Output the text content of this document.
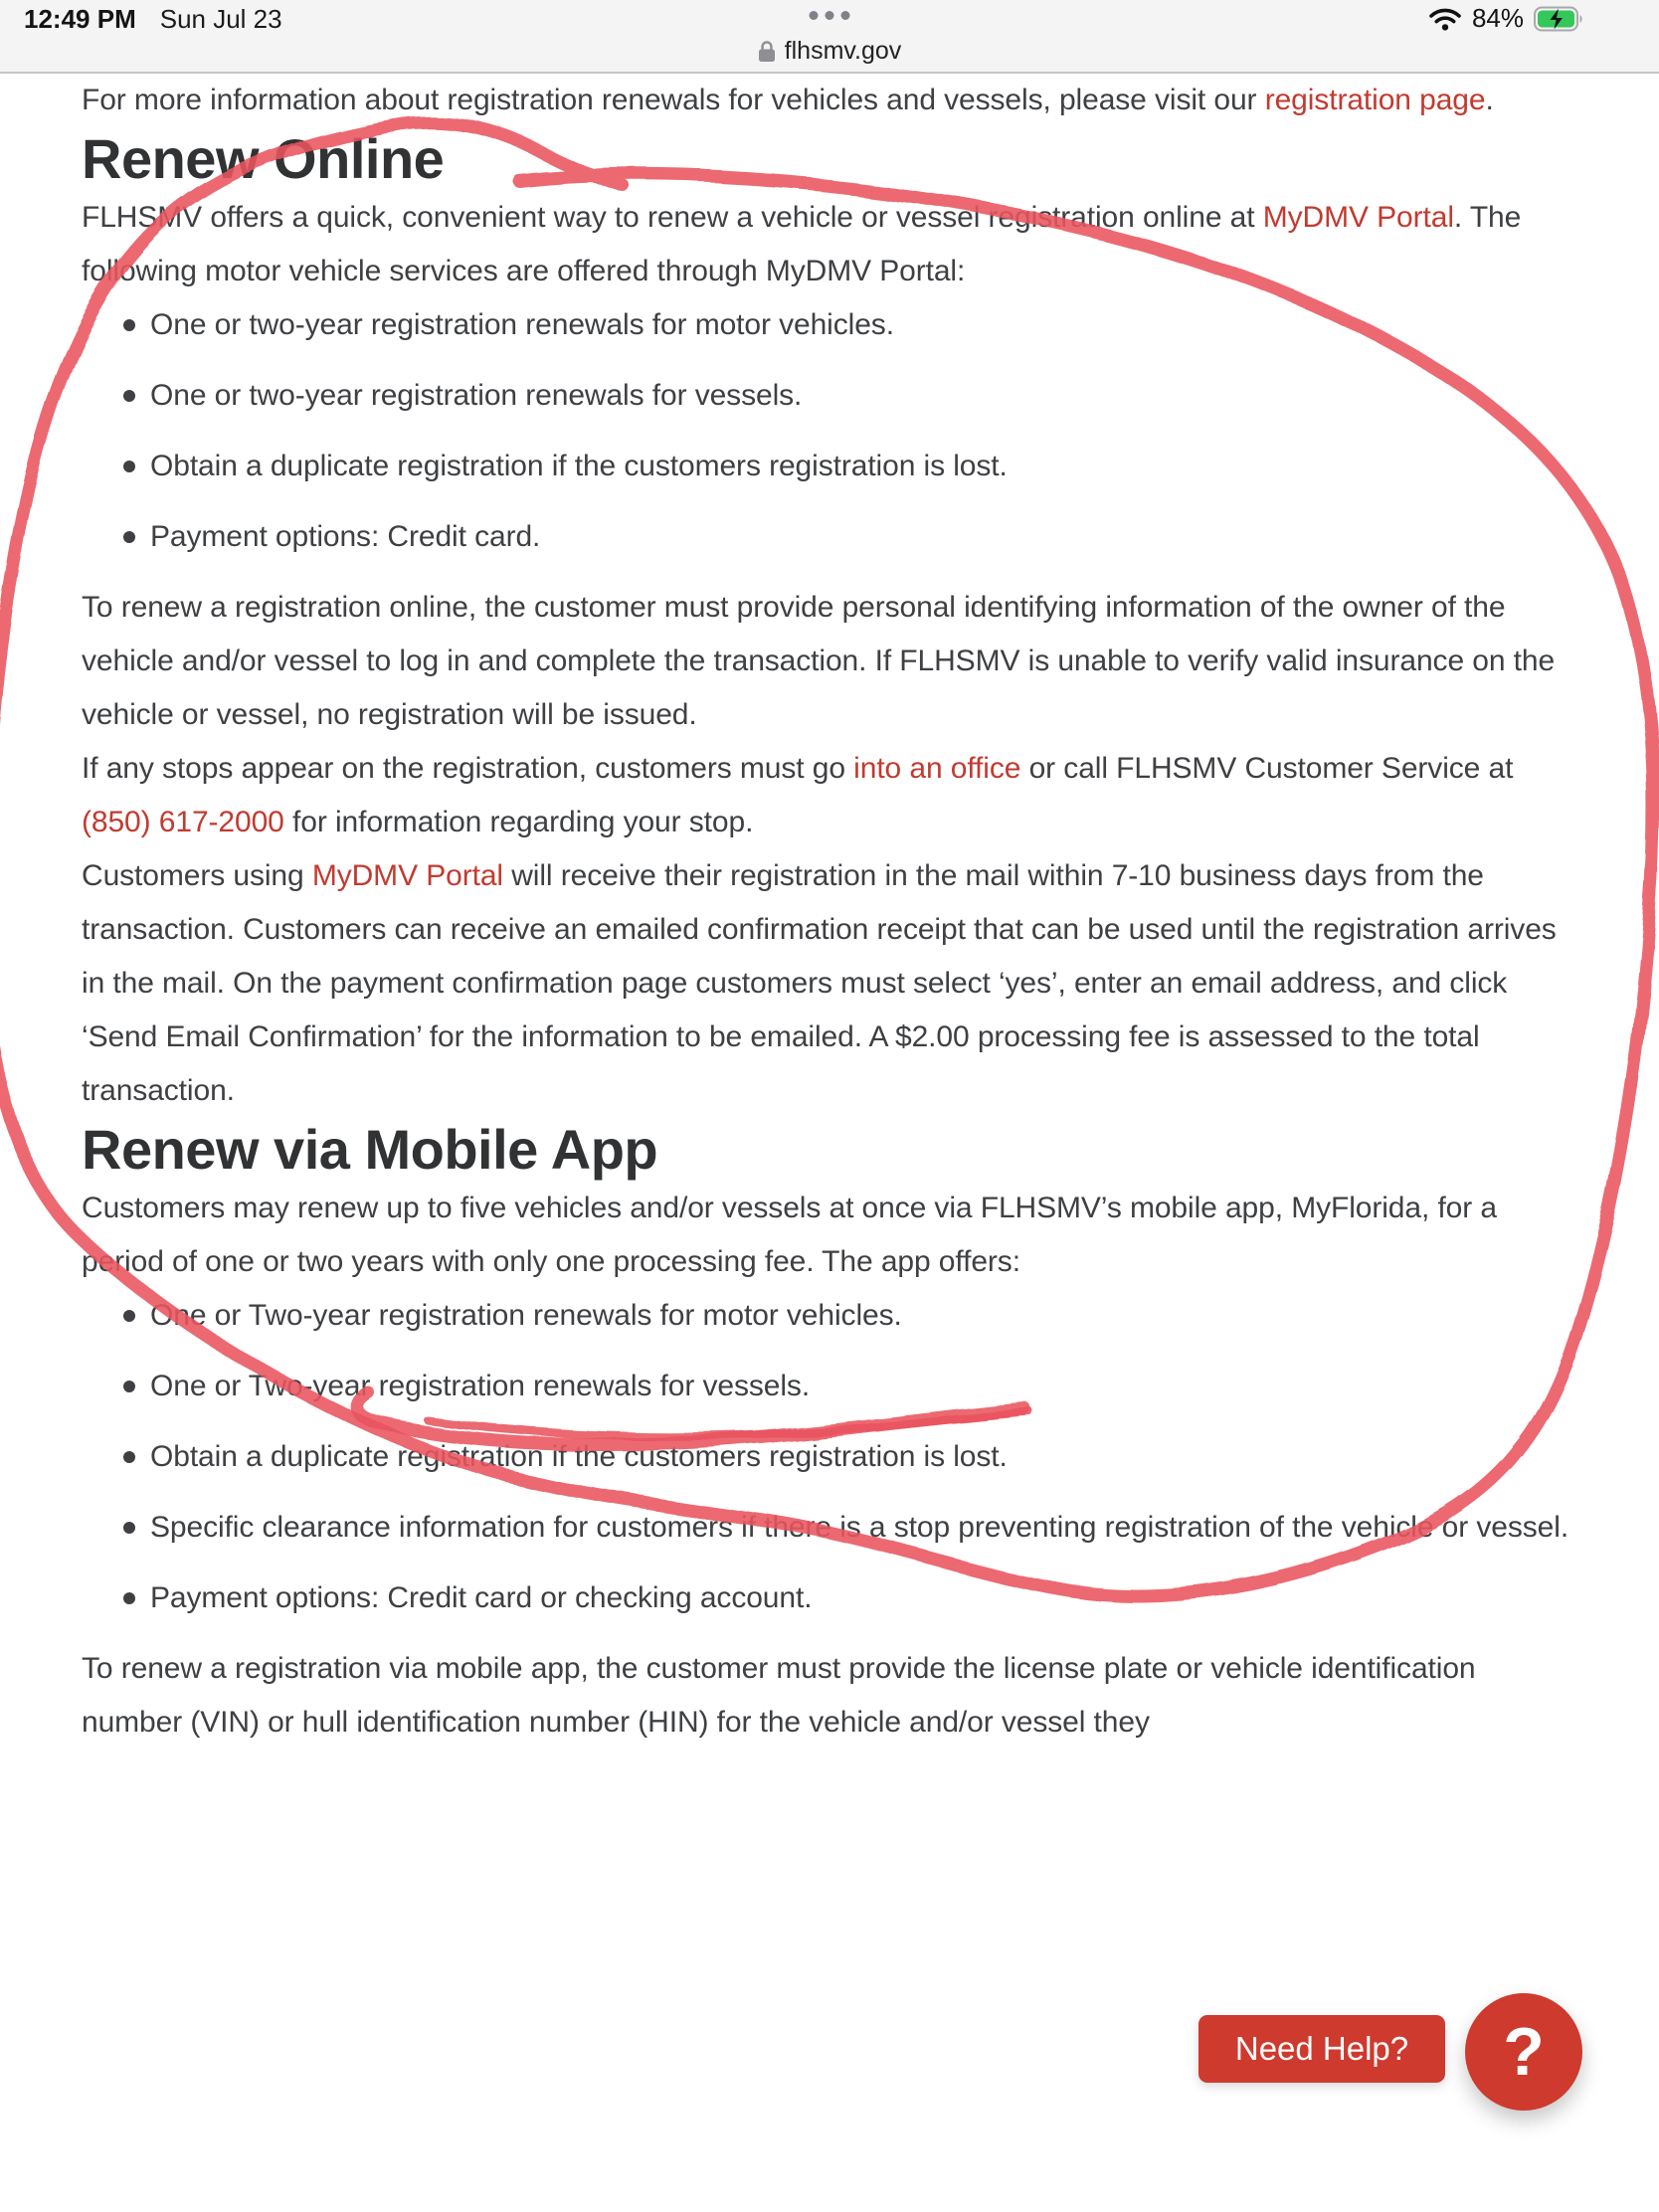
12:49 PM Sun Jul 23	84%
flhsmv.gov

For more information about registration renewals for vehicles and vessels, please visit our registration page.

Renew Online

FLHSMV offers a quick, convenient way to renew a vehicle or vessel registration online at MyDMV Portal. The following motor vehicle services are offered through MyDMV Portal:

One or two-year registration renewals for motor vehicles.
One or two-year registration renewals for vessels.
Obtain a duplicate registration if the customers registration is lost.
Payment options: Credit card.

To renew a registration online, the customer must provide personal identifying information of the owner of the vehicle and/or vessel to log in and complete the transaction. If FLHSMV is unable to verify valid insurance on the vehicle or vessel, no registration will be issued.

If any stops appear on the registration, customers must go into an office or call FLHSMV Customer Service at (850) 617-2000 for information regarding your stop.

Customers using MyDMV Portal will receive their registration in the mail within 7-10 business days from the transaction. Customers can receive an emailed confirmation receipt that can be used until the registration arrives in the mail. On the payment confirmation page customers must select ‘yes’, enter an email address, and click ‘Send Email Confirmation’ for the information to be emailed. A $2.00 processing fee is assessed to the total transaction.

Renew via Mobile App

Customers may renew up to five vehicles and/or vessels at once via FLHSMV’s mobile app, MyFlorida, for a period of one or two years with only one processing fee. The app offers:

One or Two-year registration renewals for motor vehicles.
One or Two-year registration renewals for vessels.
Obtain a duplicate registration if the customers registration is lost.
Specific clearance information for customers if there is a stop preventing registration of the vehicle or vessel.
Payment options: Credit card or checking account.

To renew a registration via mobile app, the customer must provide the license plate or vehicle identification number (VIN) or hull identification number (HIN) for the vehicle and/or vessel they

Need Help?	?
